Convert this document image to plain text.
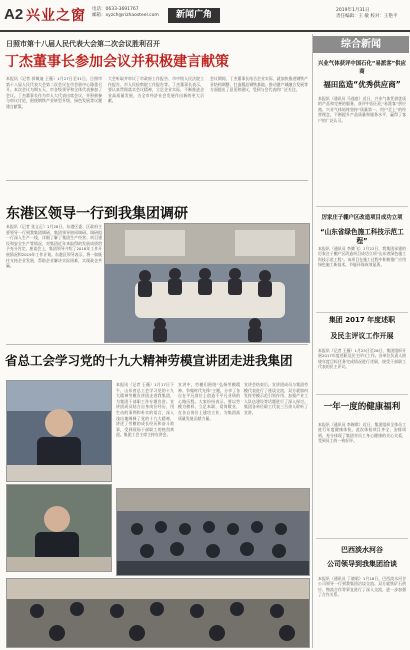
A2 兴业之窗 电话：0633-3691767
邮箱：xyzch@rizhaosteel.com	新闻广角	2019年1月31日
责任编辑：王 敏 校对：王艳平
日照市第十八届人民代表大会第二次会议胜利召开
丁杰董事长参加会议并积极建言献策
本报讯（记者 郭敏迪 王薇）1月27日至31日，日照市第十八届人民代表大会第二次会议在市会展中心隆重召开。本次会议为期五天，市各级领导和全体代表参加了会议。丁杰董事长作为市人大代表出席会议，并积极参与审议讨论，围绕钢铁产业转型升级、绿色发展等议题建言献策。
大会听取并审议了市政府工作报告、市中级人民法院工作报告、市人民检察院工作报告等。丁杰董事长表示，要认真贯彻落实会议精神，立足企业实际，不断推进企业高质量发展，为全市经济社会发展作出新的更大贡献。
会议期间，丁杰董事长结合企业实际，就加快推进钢铁产业结构调整、打造精品钢铁基地、推动港产城融合发展等方面提出了意见和建议，受到与会代表的广泛关注。
东港区领导一行到我集团调研
本报讯（记者 张义正）1月28日，东港区委、区政府主要领导一行到我集团调研，集团领导陪同调研。调研组一行深入生产一线，详细了解了集团生产经营、项目建设和安全生产等情况，对集团近年来取得的发展成绩给予充分肯定。座谈会上，集团领导介绍了2018年工作开展情况和2019年工作计划。东港区领导表示，将一如既往支持企业发展，帮助企业解决实际困难，实现政企共赢。
省总工会学习党的十九大精神劳模宣讲团走进我集团
本报讯（记者 王薇）1月17日下午，山东省总工会学习党的十九大精神劳模宣讲团走进我集团，为集团干部职工作专题宣讲。宣讲团成员结合自身岗位经历，用生动的事例和朴实的语言，深入浅出地阐释了党的十九大精神，讲述了劳模的成长经历和奋斗故事，受到现场干部职工的热烈欢迎。集团工会主席主持宣讲会。
宣讲中，劳模们围绕“弘扬劳模精神、争做时代先锋”主题，分享了各自在平凡岗位上创造不平凡业绩的心路历程。大家纷纷表示，要以劳模为榜样，立足本职，爱岗敬业，在各自岗位上建功立业，为集团高质量发展贡献力量。
宣讲会结束后，宣讲团成员与集团劳模代表进行了座谈交流，双方就如何发挥劳模示范引领作用、加强产业工人队伍建设等话题进行了深入探讨。集团各单位职工代表三百余人聆听了宣讲。
综合新闻
兴业气体获评中国石化“易派客”供应商
福田监造“优秀供应商”
本报讯（通讯员 马逸庭）近日，兴业气体凭借优质的产品和完善的服务，获评中国石化“易派客”供应商。兴业气体始终坚持“质量第一、用户至上”的经营理念，不断提升产品质量和服务水平，赢得了客户的广泛认可。
厉家庄子棚户区改造项目成功立项
“山东省绿色施工科技示范工程”
本报讯（通讯员 李腾飞）1月22日，我集团承建的厉家庄子棚户区改造项目成功立项“山东省绿色施工科技示范工程”。该项目在施工过程中积极推广应用绿色施工新技术，节能环保成效显著。
集团 2017 年度述职
及民主评议工作开展
本报讯（记者 王薇）1月25日至26日，集团组织开展2017年度述职及民主评议工作。各单位负责人围绕年度目标任务完成情况进行述职，接受干部职工代表的民主评议。
一年一度的健康福利
本报讯（通讯员 李婉琪）近日，集团组织全体员工进行年度健康体检。此次体检项目齐全、安排周到，充分体现了集团对员工身心健康的关心关爱，受到员工的一致好评。
巴西淡水河谷
公司领导到我集团洽谈
本报讯（通讯员 丁晓晗）1月18日，巴西淡水河谷公司领导一行到我集团洽谈交流。双方就铁矿石供应、物流合作等事宜进行了深入交流，进一步加强了合作关系。
